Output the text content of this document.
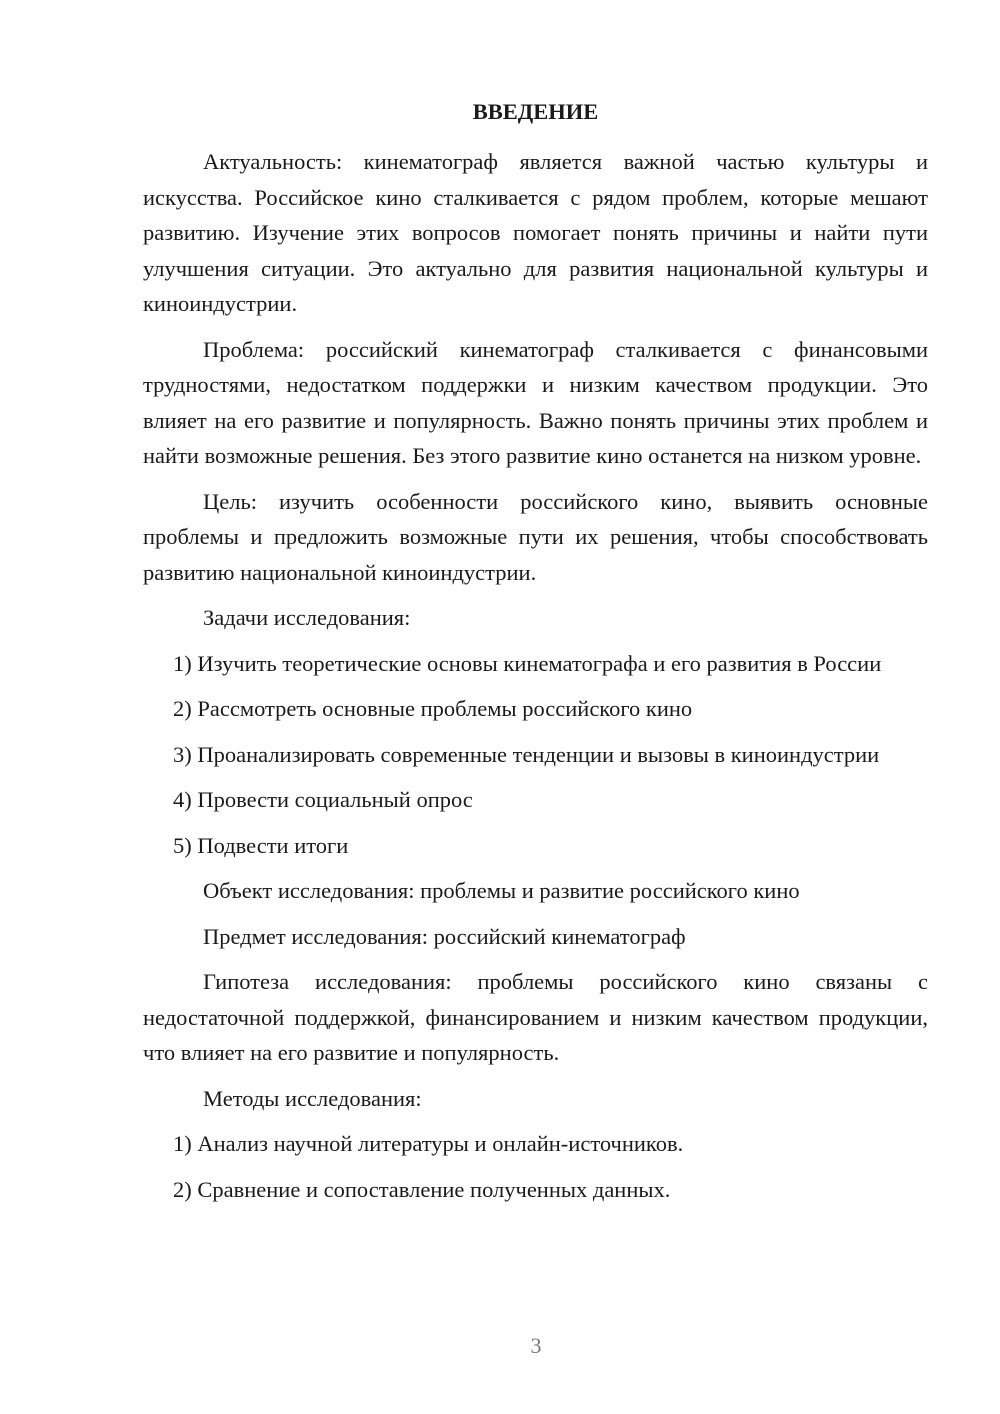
ВВЕДЕНИЕ

Актуальность: кинематограф является важной частью культуры и искусства. Российское кино сталкивается с рядом проблем, которые мешают развитию. Изучение этих вопросов помогает понять причины и найти пути улучшения ситуации. Это актуально для развития национальной культуры и киноиндустрии.

Проблема: российский кинематограф сталкивается с финансовыми трудностями, недостатком поддержки и низким качеством продукции. Это влияет на его развитие и популярность. Важно понять причины этих проблем и найти возможные решения. Без этого развитие кино останется на низком уровне.

Цель: изучить особенности российского кино, выявить основные проблемы и предложить возможные пути их решения, чтобы способствовать развитию национальной киноиндустрии.

Задачи исследования:

1) Изучить теоретические основы кинематографа и его развития в России

2) Рассмотреть основные проблемы российского кино

3) Проанализировать современные тенденции и вызовы в киноиндустрии

4) Провести социальный опрос

5) Подвести итоги

Объект исследования: проблемы и развитие российского кино

Предмет исследования: российский кинематограф

Гипотеза исследования: проблемы российского кино связаны с недостаточной поддержкой, финансированием и низким качеством продукции, что влияет на его развитие и популярность.

Методы исследования:

1) Анализ научной литературы и онлайн-источников.

2) Сравнение и сопоставление полученных данных.

3
